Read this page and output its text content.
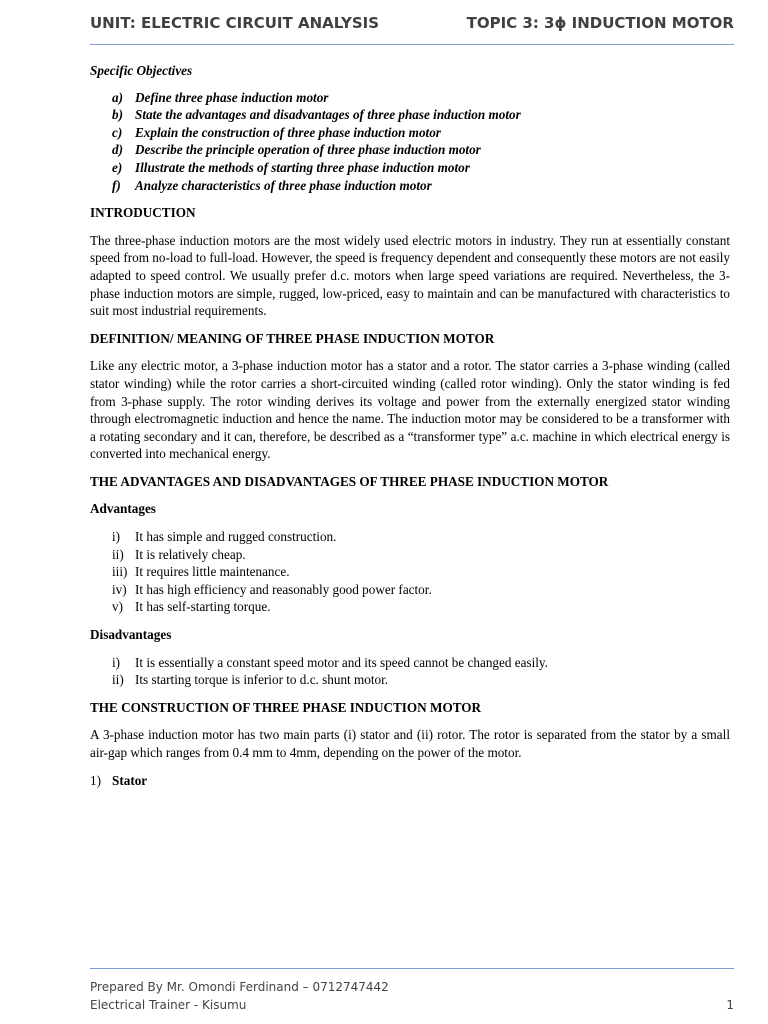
UNIT: ELECTRIC CIRCUIT ANALYSIS	TOPIC 3: 3ϕ INDUCTION MOTOR
Specific Objectives
a) Define three phase induction motor
b) State the advantages and disadvantages of three phase induction motor
c) Explain the construction of three phase induction motor
d) Describe the principle operation of three phase induction motor
e) Illustrate the methods of starting three phase induction motor
f) Analyze characteristics of three phase induction motor
INTRODUCTION

The three-phase induction motors are the most widely used electric motors in industry. They run at essentially constant speed from no-load to full-load. However, the speed is frequency dependent and consequently these motors are not easily adapted to speed control. We usually prefer d.c. motors when large speed variations are required. Nevertheless, the 3-phase induction motors are simple, rugged, low-priced, easy to maintain and can be manufactured with characteristics to suit most industrial requirements.

DEFINITION/ MEANING OF THREE PHASE INDUCTION MOTOR

Like any electric motor, a 3-phase induction motor has a stator and a rotor. The stator carries a 3-phase winding (called stator winding) while the rotor carries a short-circuited winding (called rotor winding). Only the stator winding is fed from 3-phase supply. The rotor winding derives its voltage and power from the externally energized stator winding through electromagnetic induction and hence the name. The induction motor may be considered to be a transformer with a rotating secondary and it can, therefore, be described as a “transformer type” a.c. machine in which electrical energy is converted into mechanical energy.

THE ADVANTAGES AND DISADVANTAGES OF THREE PHASE INDUCTION MOTOR
Advantages
i) It has simple and rugged construction.
ii) It is relatively cheap.
iii) It requires little maintenance.
iv) It has high efficiency and reasonably good power factor.
v) It has self-starting torque.
Disadvantages
i) It is essentially a constant speed motor and its speed cannot be changed easily.
ii) Its starting torque is inferior to d.c. shunt motor.
THE CONSTRUCTION OF THREE PHASE INDUCTION MOTOR

A 3-phase induction motor has two main parts (i) stator and (ii) rotor. The rotor is separated from the stator by a small air-gap which ranges from 0.4 mm to 4mm, depending on the power of the motor.

1) Stator
Prepared By Mr. Omondi Ferdinand – 0712747442
Electrical Trainer - Kisumu	1
